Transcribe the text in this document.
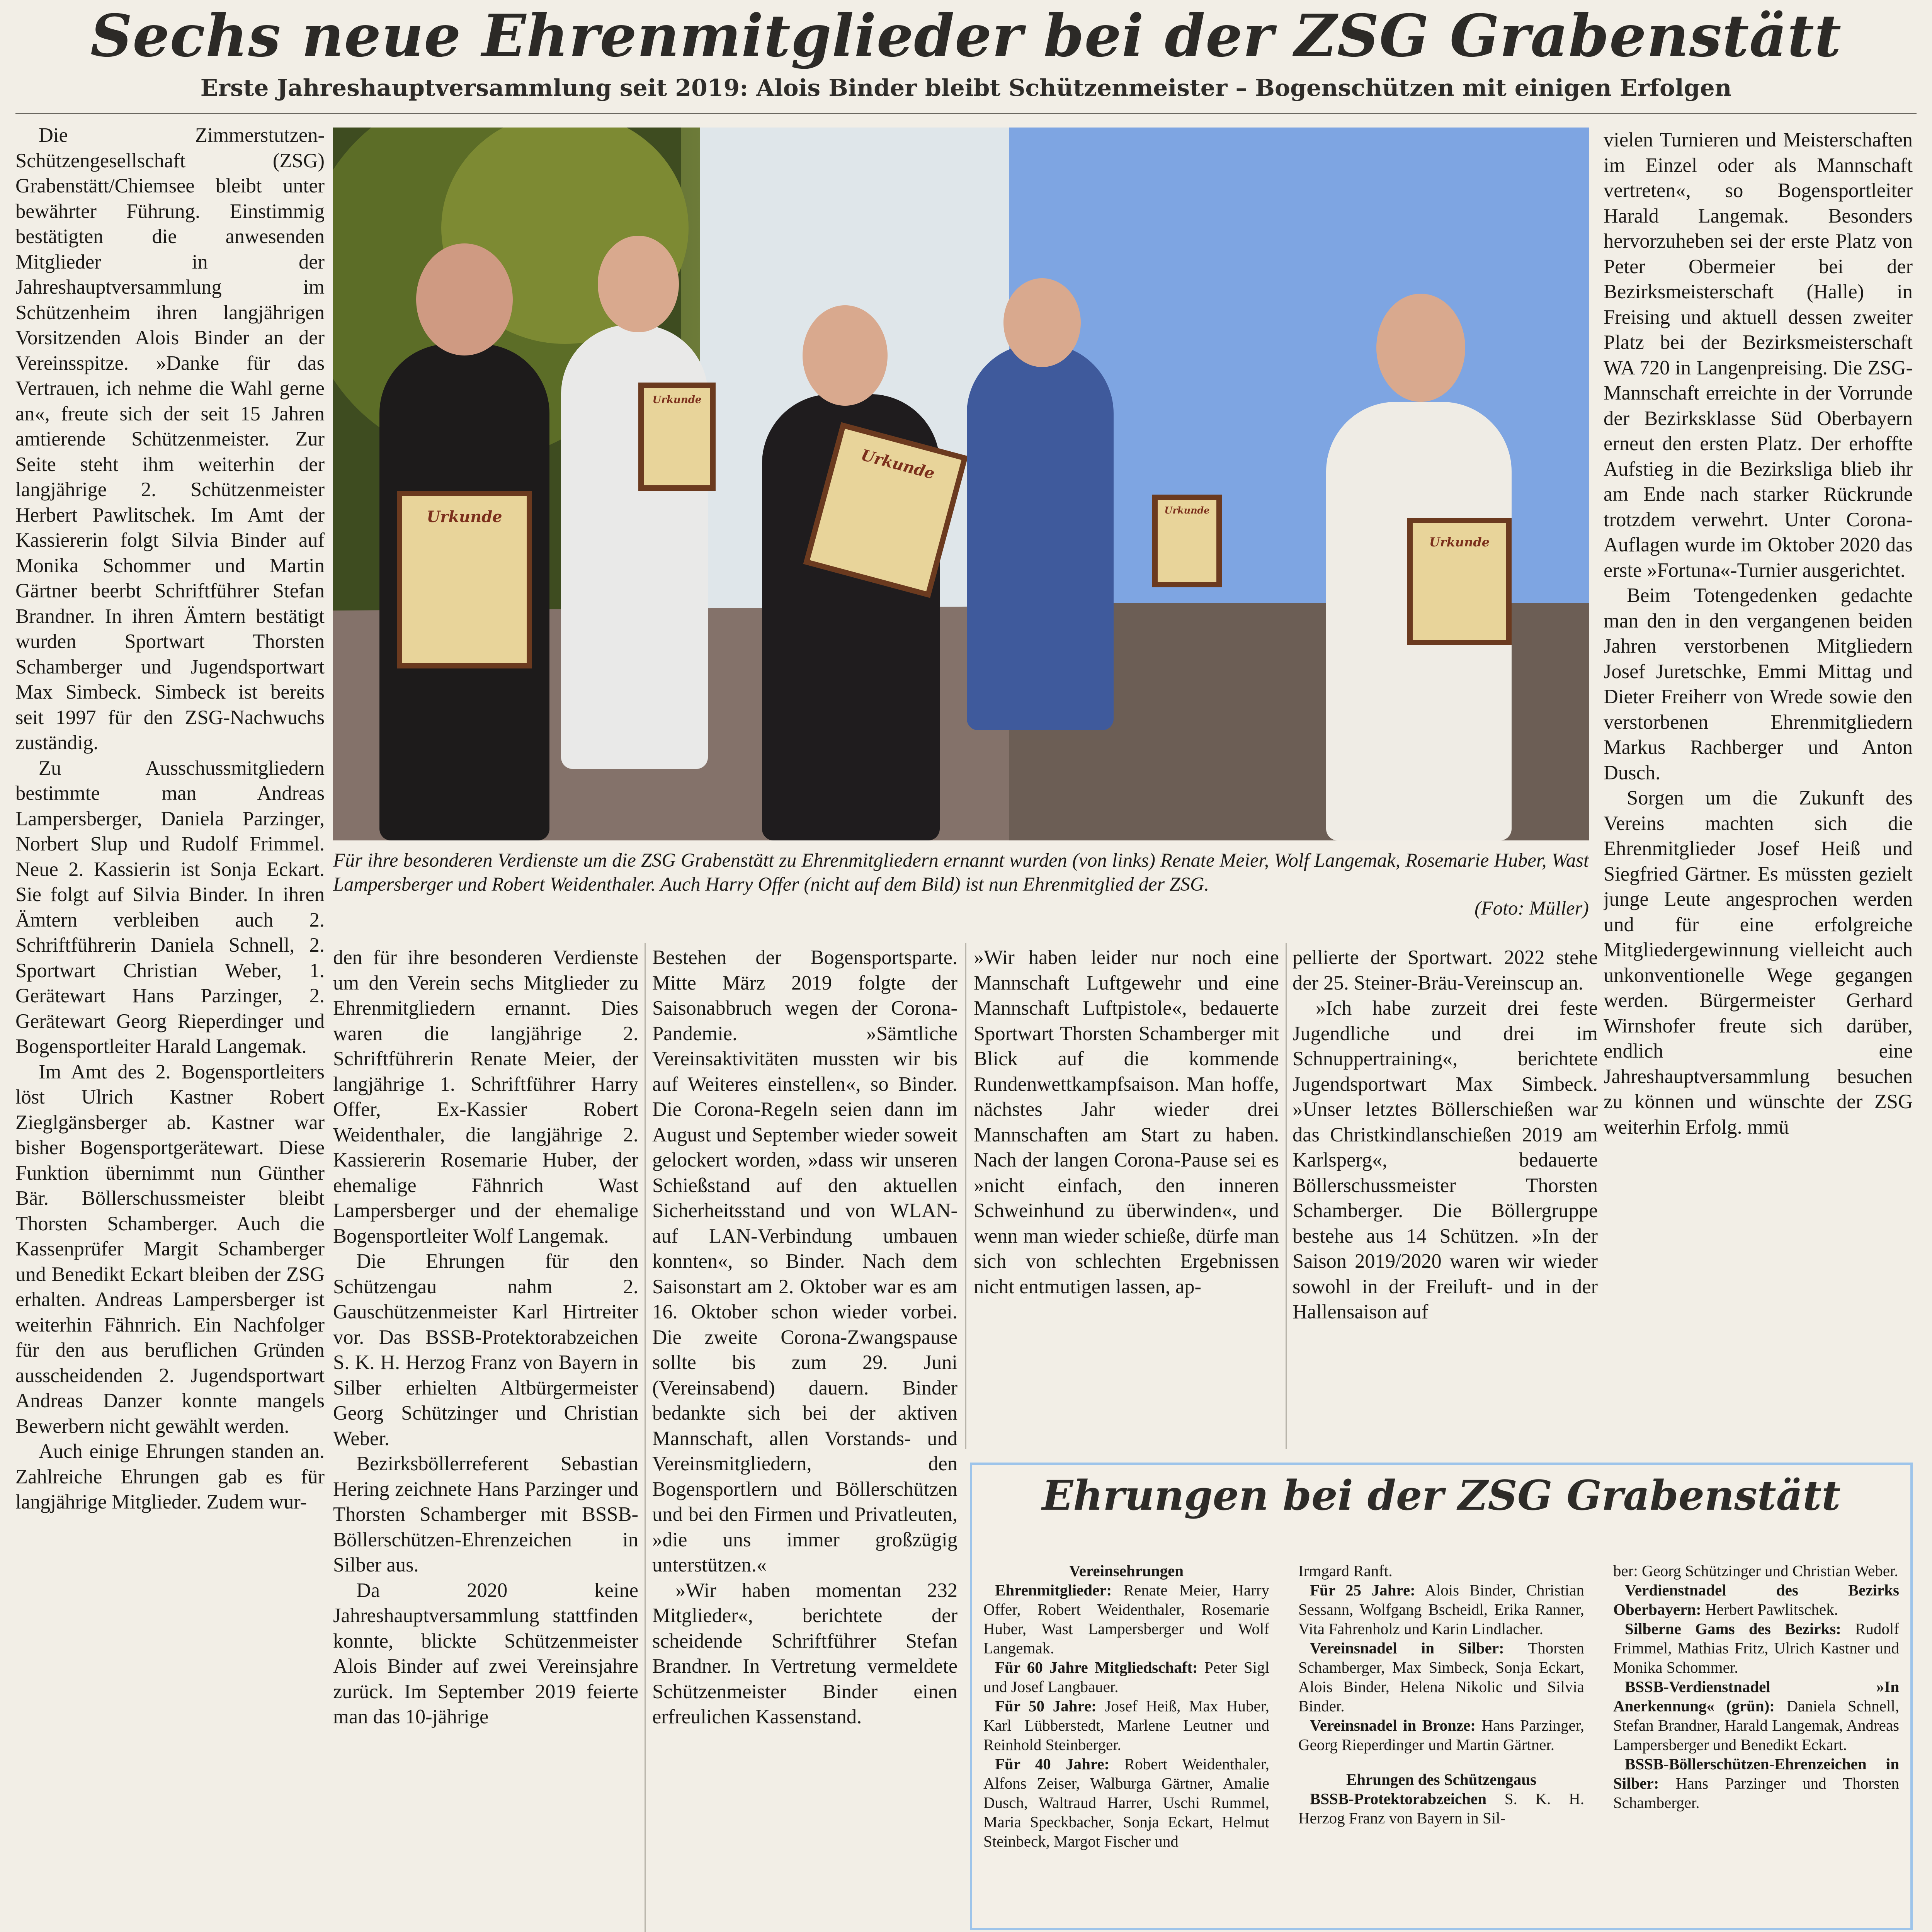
Sechs neue Ehrenmitglieder bei der ZSG Grabenstätt
Erste Jahreshauptversammlung seit 2019: Alois Binder bleibt Schützenmeister – Bogenschützen mit einigen Erfolgen

Die Zimmerstutzen-Schützengesellschaft (ZSG) Grabenstätt/Chiemsee bleibt unter bewährter Führung. Einstimmig bestätigten die anwesenden Mitglieder in der Jahreshauptversammlung im Schützenheim ihren langjährigen Vorsitzenden Alois Binder an der Vereinsspitze. »Danke für das Vertrauen, ich nehme die Wahl gerne an«, freute sich der seit 15 Jahren amtierende Schützenmeister. Zur Seite steht ihm weiterhin der langjährige 2. Schützenmeister Herbert Pawlitschek. Im Amt der Kassiererin folgt Silvia Binder auf Monika Schommer und Martin Gärtner beerbt Schriftführer Stefan Brandner. In ihren Ämtern bestätigt wurden Sportwart Thorsten Schamberger und Jugendsportwart Max Simbeck. Simbeck ist bereits seit 1997 für den ZSG-Nachwuchs zuständig.

Zu Ausschussmitgliedern bestimmte man Andreas Lampersberger, Daniela Parzinger, Norbert Slup und Rudolf Frimmel. Neue 2. Kassierin ist Sonja Eckart. Sie folgt auf Silvia Binder. In ihren Ämtern verbleiben auch 2. Schriftführerin Daniela Schnell, 2. Sportwart Christian Weber, 1. Gerätewart Hans Parzinger, 2. Gerätewart Georg Rieperdinger und Bogensportleiter Harald Langemak.

Im Amt des 2. Bogensportleiters löst Ulrich Kastner Robert Zieglgänsberger ab. Kastner war bisher Bogensportgerätewart. Diese Funktion übernimmt nun Günther Bär. Böllerschussmeister bleibt Thorsten Schamberger. Auch die Kassenprüfer Margit Schamberger und Benedikt Eckart bleiben der ZSG erhalten. Andreas Lampersberger ist weiterhin Fähnrich. Ein Nachfolger für den aus beruflichen Gründen ausscheidenden 2. Jugendsportwart Andreas Danzer konnte mangels Bewerbern nicht gewählt werden.

Auch einige Ehrungen standen an. Zahlreiche Ehrungen gab es für langjährige Mitglieder. Zudem wur-

Urkunde
Urkunde
Urkunde
Urkunde
Urkunde
Für ihre besonderen Verdienste um die ZSG Grabenstätt zu Ehrenmitgliedern ernannt wurden (von links) Renate Meier, Wolf Langemak, Rosemarie Huber, Wast Lampersberger und Robert Weidenthaler. Auch Harry Offer (nicht auf dem Bild) ist nun Ehrenmitglied der ZSG.
(Foto: Müller)

vielen Turnieren und Meisterschaften im Einzel oder als Mannschaft vertreten«, so Bogensportleiter Harald Langemak. Besonders hervorzuheben sei der erste Platz von Peter Obermeier bei der Bezirksmeisterschaft (Halle) in Freising und aktuell dessen zweiter Platz bei der Bezirksmeisterschaft WA 720 in Langenpreising. Die ZSG-Mannschaft erreichte in der Vorrunde der Bezirksklasse Süd Oberbayern erneut den ersten Platz. Der erhoffte Aufstieg in die Bezirksliga blieb ihr am Ende nach starker Rückrunde trotzdem verwehrt. Unter Corona-Auflagen wurde im Oktober 2020 das erste »Fortuna«-Turnier ausgerichtet.

Beim Totengedenken gedachte man den in den vergangenen beiden Jahren verstorbenen Mitgliedern Josef Juretschke, Emmi Mittag und Dieter Freiherr von Wrede sowie den verstorbenen Ehrenmitgliedern Markus Rachberger und Anton Dusch.

Sorgen um die Zukunft des Vereins machten sich die Ehrenmitglieder Josef Heiß und Siegfried Gärtner. Es müssten gezielt junge Leute angesprochen werden und für eine erfolgreiche Mitgliedergewinnung vielleicht auch unkonventionelle Wege gegangen werden. Bürgermeister Gerhard Wirnshofer freute sich darüber, endlich eine Jahreshauptversammlung besuchen zu können und wünschte der ZSG weiterhin Erfolg. mmü

den für ihre besonderen Verdienste um den Verein sechs Mitglieder zu Ehrenmitgliedern ernannt. Dies waren die langjährige 2. Schriftführerin Renate Meier, der langjährige 1. Schriftführer Harry Offer, Ex-Kassier Robert Weidenthaler, die langjährige 2. Kassiererin Rosemarie Huber, der ehemalige Fähnrich Wast Lampersberger und der ehemalige Bogensportleiter Wolf Langemak.

Die Ehrungen für den Schützengau nahm 2. Gauschützenmeister Karl Hirtreiter vor. Das BSSB-Protektorabzeichen S. K. H. Herzog Franz von Bayern in Silber erhielten Altbürgermeister Georg Schützinger und Christian Weber.

Bezirksböllerreferent Sebastian Hering zeichnete Hans Parzinger und Thorsten Schamberger mit BSSB-Böllerschützen-Ehrenzeichen in Silber aus.

Da 2020 keine Jahreshauptversammlung stattfinden konnte, blickte Schützenmeister Alois Binder auf zwei Vereinsjahre zurück. Im September 2019 feierte man das 10-jährige

Bestehen der Bogensportsparte. Mitte März 2019 folgte der Saisonabbruch wegen der Corona-Pandemie. »Sämtliche Vereinsaktivitäten mussten wir bis auf Weiteres einstellen«, so Binder. Die Corona-Regeln seien dann im August und September wieder soweit gelockert worden, »dass wir unseren Schießstand auf den aktuellen Sicherheitsstand und von WLAN- auf LAN-Verbindung umbauen konnten«, so Binder. Nach dem Saisonstart am 2. Oktober war es am 16. Oktober schon wieder vorbei. Die zweite Corona-Zwangspause sollte bis zum 29. Juni (Vereinsabend) dauern. Binder bedankte sich bei der aktiven Mannschaft, allen Vorstands- und Vereinsmitgliedern, den Bogensportlern und Böllerschützen und bei den Firmen und Privatleuten, »die uns immer großzügig unterstützen.«

»Wir haben momentan 232 Mitglieder«, berichtete der scheidende Schriftführer Stefan Brandner. In Vertretung vermeldete Schützenmeister Binder einen erfreulichen Kassenstand.

»Wir haben leider nur noch eine Mannschaft Luftgewehr und eine Mannschaft Luftpistole«, bedauerte Sportwart Thorsten Schamberger mit Blick auf die kommende Rundenwettkampfsaison. Man hoffe, nächstes Jahr wieder drei Mannschaften am Start zu haben. Nach der langen Corona-Pause sei es »nicht einfach, den inneren Schweinhund zu überwinden«, und wenn man wieder schieße, dürfe man sich von schlechten Ergebnissen nicht entmutigen lassen, ap-

pellierte der Sportwart. 2022 stehe der 25. Steiner-Bräu-Vereinscup an.

»Ich habe zurzeit drei feste Jugendliche und drei im Schnuppertraining«, berichtete Jugendsportwart Max Simbeck. »Unser letztes Böllerschießen war das Christkindlanschießen 2019 am Karlsperg«, bedauerte Böllerschussmeister Thorsten Schamberger. Die Böllergruppe bestehe aus 14 Schützen. »In der Saison 2019/2020 waren wir wieder sowohl in der Freiluft- und in der Hallensaison auf

Ehrungen bei der ZSG Grabenstätt

Vereinsehrungen

Ehrenmitglieder: Renate Meier, Harry Offer, Robert Weidenthaler, Rosemarie Huber, Wast Lampersberger und Wolf Langemak.

Für 60 Jahre Mitgliedschaft: Peter Sigl und Josef Langbauer.

Für 50 Jahre: Josef Heiß, Max Huber, Karl Lübberstedt, Marlene Leutner und Reinhold Steinberger.

Für 40 Jahre: Robert Weidenthaler, Alfons Zeiser, Walburga Gärtner, Amalie Dusch, Waltraud Harrer, Uschi Rummel, Maria Speckbacher, Sonja Eckart, Helmut Steinbeck, Margot Fischer und

Irmgard Ranft.

Für 25 Jahre: Alois Binder, Christian Sessann, Wolfgang Bscheidl, Erika Ranner, Vita Fahrenholz und Karin Lindlacher.

Vereinsnadel in Silber: Thorsten Schamberger, Max Simbeck, Sonja Eckart, Alois Binder, Helena Nikolic und Silvia Binder.

Vereinsnadel in Bronze: Hans Parzinger, Georg Rieperdinger und Martin Gärtner.

Ehrungen des Schützengaus

BSSB-Protektorabzeichen S. K. H. Herzog Franz von Bayern in Sil-

ber: Georg Schützinger und Christian Weber.

Verdienstnadel des Bezirks Oberbayern: Herbert Pawlitschek.

Silberne Gams des Bezirks: Rudolf Frimmel, Mathias Fritz, Ulrich Kastner und Monika Schommer.

BSSB-Verdienstnadel »In Anerkennung« (grün): Daniela Schnell, Stefan Brandner, Harald Langemak, Andreas Lampersberger und Benedikt Eckart.

BSSB-Böllerschützen-Ehrenzeichen in Silber: Hans Parzinger und Thorsten Schamberger.
